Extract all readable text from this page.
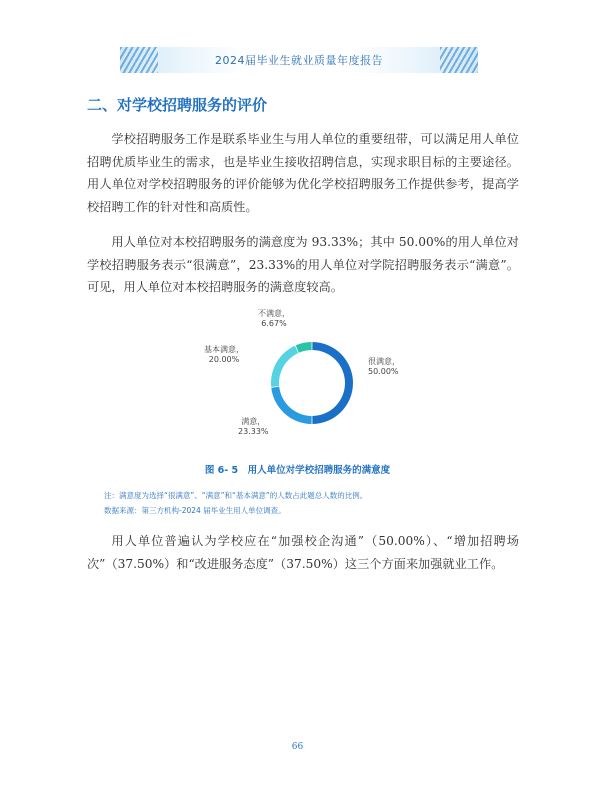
2024届毕业生就业质量年度报告
二、对学校招聘服务的评价

学校招聘服务工作是联系毕业生与用人单位的重要纽带，可以满足用人单位招聘优质毕业生的需求，也是毕业生接收招聘信息，实现求职目标的主要途径。用人单位对学校招聘服务的评价能够为优化学校招聘服务工作提供参考，提高学校招聘工作的针对性和高质性。

用人单位对本校招聘服务的满意度为 93.33%；其中 50.00%的用人单位对学校招聘服务表示“很满意”，23.33%的用人单位对学院招聘服务表示“满意”。可见，用人单位对本校招聘服务的满意度较高。

很满意，
50.00%
满意，
23.33%
基本满意，
20.00%
不满意，
6.67%
图 6- 5　用人单位对学校招聘服务的满意度
注：满意度为选择“很满意”、“满意”和“基本满意”的人数占此题总人数的比例。
数据来源：第三方机构-2024 届毕业生用人单位调查。

用人单位普遍认为学校应在“加强校企沟通”（50.00%）、“增加招聘场次”（37.50%）和“改进服务态度”（37.50%）这三个方面来加强就业工作。

66
